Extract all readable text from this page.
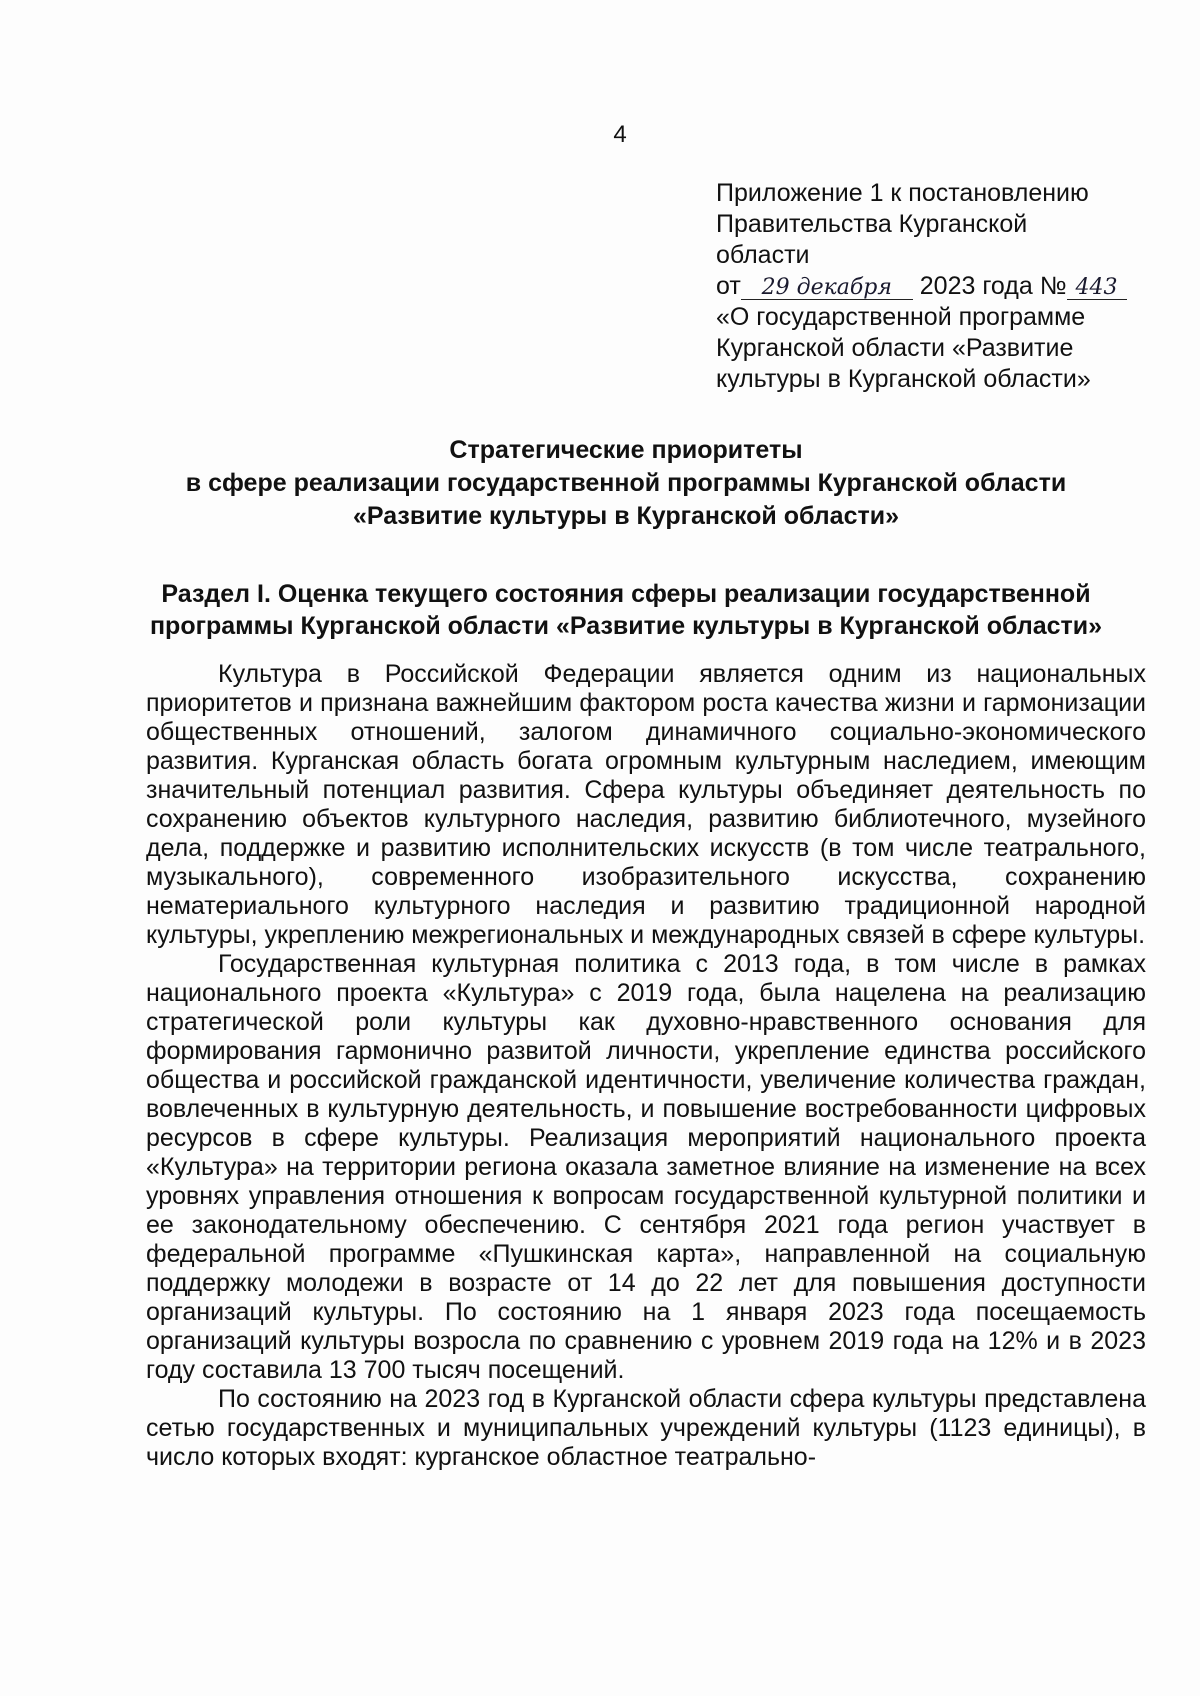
4
Приложение 1 к постановлению
Правительства Курганской
области
от 29 декабря 2023 года № 443
«О государственной программе
Курганской области «Развитие
культуры в Курганской области»
Стратегические приоритеты
в сфере реализации государственной программы Курганской области
«Развитие культуры в Курганской области»
Раздел I. Оценка текущего состояния сферы реализации государственной
программы Курганской области «Развитие культуры в Курганской области»

Культура в Российской Федерации является одним из национальных приоритетов и признана важнейшим фактором роста качества жизни и гармонизации общественных отношений, залогом динамичного социально-экономического развития. Курганская область богата огромным культурным наследием, имеющим значительный потенциал развития. Сфера культуры объединяет деятельность по сохранению объектов культурного наследия, развитию библиотечного, музейного дела, поддержке и развитию исполнительских искусств (в том числе театрального, музыкального), современного изобразительного искусства, сохранению нематериального культурного наследия и развитию традиционной народной культуры, укреплению межрегиональных и международных связей в сфере культуры.

Государственная культурная политика с 2013 года, в том числе в рамках национального проекта «Культура» с 2019 года, была нацелена на реализацию стратегической роли культуры как духовно-нравственного основания для формирования гармонично развитой личности, укрепление единства российского общества и российской гражданской идентичности, увеличение количества граждан, вовлеченных в культурную деятельность, и повышение востребованности цифровых ресурсов в сфере культуры. Реализация мероприятий национального проекта «Культура» на территории региона оказала заметное влияние на изменение на всех уровнях управления отношения к вопросам государственной культурной политики и ее законодательному обеспечению. С сентября 2021 года регион участвует в федеральной программе «Пушкинская карта», направленной на социальную поддержку молодежи в возрасте от 14 до 22 лет для повышения доступности организаций культуры. По состоянию на 1 января 2023 года посещаемость организаций культуры возросла по сравнению с уровнем 2019 года на 12% и в 2023 году составила 13 700 тысяч посещений.

По состоянию на 2023 год в Курганской области сфера культуры представлена сетью государственных и муниципальных учреждений культуры (1123 единицы), в число которых входят: курганское областное театрально-
